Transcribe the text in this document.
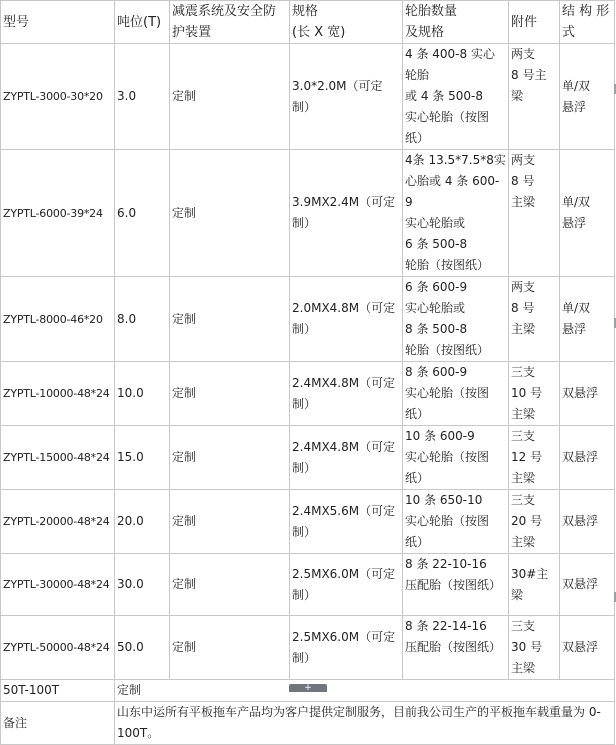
型号	吨位(T)	减震系统及安全防护装置	规格
(长 X 宽)	轮胎数量
及规格	附件	结 构 形式
ZYPTL-3000-30*20	3.0	定制	3.0*2.0M（可定制）	4 条 400-8 实心轮胎
或 4 条 500-8
实心轮胎（按图纸）	两支
8 号主梁	单/双
悬浮
ZYPTL-6000-39*24	6.0	定制	3.9MX2.4M（可定制）	4条 13.5*7.5*8实
心胎或 4 条 600-9
实心轮胎或
6 条 500-8
轮胎（按图纸）	两支
8 号
主梁	单/双
悬浮
ZYPTL-8000-46*20	8.0	定制	2.0MX4.8M（可定制）	6 条 600-9
实心轮胎或
8 条 500-8
轮胎（按图纸）	两支
8 号
主梁	单/双
悬浮
ZYPTL-10000-48*24	10.0	定制	2.4MX4.8M（可定制）	8 条 600-9
实心轮胎（按图
纸）	三支
10 号
主梁	双悬浮
ZYPTL-15000-48*24	15.0	定制	2.4MX4.8M（可定制）	10 条 600-9
实心轮胎（按图
纸）	三支
12 号
主梁	双悬浮
ZYPTL-20000-48*24	20.0	定制	2.4MX5.6M（可定制）	10 条 650-10
实心轮胎（按图
纸）	三支
20 号
主梁	双悬浮
ZYPTL-30000-48*24	30.0	定制	2.5MX6.0M（可定制）	8 条 22-10-16
压配胎（按图纸）	30#主梁	双悬浮
ZYPTL-50000-48*24	50.0	定制	2.5MX6.0M（可定制）	8 条 22-14-16
压配胎（按图纸）	三支
30 号
主梁	双悬浮
50T-100T	定制					
备注	山东中运所有平板拖车产品均为客户提供定制服务，目前我公司生产的平板拖车载重量为 0-100T。					
+
